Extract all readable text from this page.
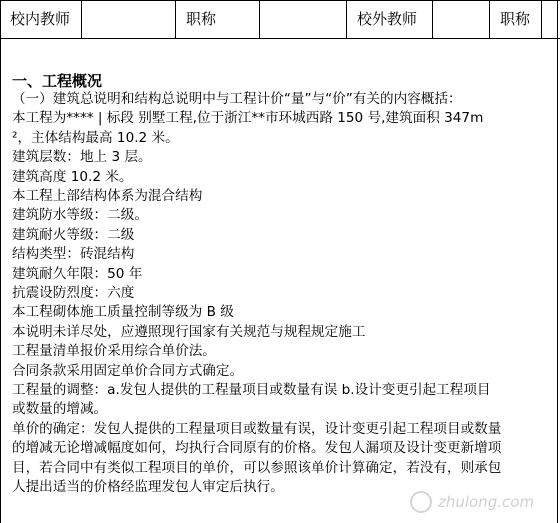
校内教师	职称	校外教师	职称
一、工程概况
（一）建筑总说明和结构总说明中与工程计价“量”与“价”有关的内容概括：
本工程为**** | 标段 别墅工程,位于浙江**市环城西路 150 号,建筑面积 347m
²，主体结构最高 10.2 米。
建筑层数：地上 3 层。
建筑高度 10.2 米。
本工程上部结构体系为混合结构
建筑防水等级：二级。
建筑耐火等级：二级
结构类型：砖混结构
建筑耐久年限：50 年
抗震设防烈度：六度
本工程砌体施工质量控制等级为 B 级
本说明未详尽处，应遵照现行国家有关规范与规程规定施工
工程量清单报价采用综合单价法。
合同条款采用固定单价合同方式确定。
工程量的调整：a.发包人提供的工程量项目或数量有误 b.设计变更引起工程项目
或数量的增减。
单价的确定：发包人提供的工程量项目或数量有误，设计变更引起工程项目或数量
的增减无论增减幅度如何，均执行合同原有的价格。发包人漏项及设计变更新增项
目，若合同中有类似工程项目的单价，可以参照该单价计算确定，若没有，则承包
人提出适当的价格经监理发包人审定后执行。
zhulong.com
